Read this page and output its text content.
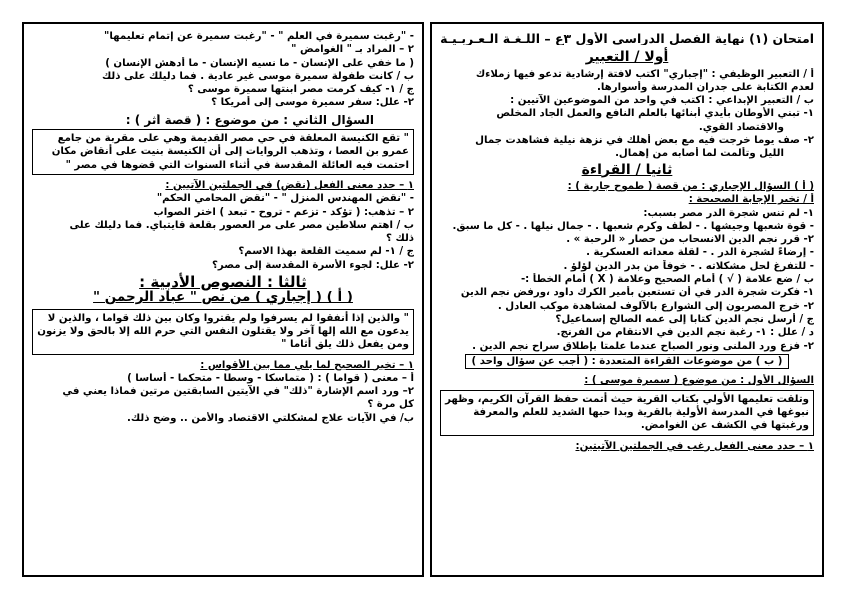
امتحان (١) نهاية الفصل الدراسي الأول ٣ع – اللـغـة الـعـربـيـة
أولا / التعبير
أ / التعبير الوظيفي : "إجباري" اكتب لافتة إرشادية تدعو فيها زملاءك
لعدم الكتابة على جدران المدرسة وأسوارها.
ب / التعبير الإبداعي : اكتب في واحد من الموضوعين الآتيين :
١- تبني الأوطان بأيدي أبنائها بالعلم النافع والعمل الجاد المخلص
والاقتصاد القوي.
٢- صف يوما خرجت فيه مع بعض أهلك في نزهة نيلية فشاهدت جمال
الليل وتألمت لما أصابه من إهمال.
ثانيا / القراءة
( أ ) السؤال الإجباري : من قصة ( طموح جارية ) :
أ / تخير الإجابة الصحيحة :
١- لم تنس شجرة الدر مصر بسبب:
- قوة شعبها وجيشها . - لطف وكرم شعبها . - جمال نيلها . - كل ما سبق.
٢- قرر نجم الدين الانسحاب من حصار « الرحبة » .
- إرضاءً لشجرة الدر . - لقلة معداته العسكرية .
- للتفرغ لحل مشكلاته . - خوفاً من بدر الدين لؤلؤ .
ب / ضع علامة ( √ ) أمام الصحيح وعلامة ( X ) أمام الخطأ :-
١- فكرت شجرة الدر في أن تستعين بأمير الكرك داود ،ورفض نجم الدين
٢- خرج المصريون إلى الشوارع بالآلوف لمشاهدة موكب العادل .
ج / أرسل نجم الدين كتابا إلى عمه الصالح إسماعيل؟
د / علل : ١- رغبة نجم الدين في الانتقام من الفرنج.
٢- فزع ورد الملنى ونور الصباح عندما علمتا بإطلاق سراح نجم الدين .
( ب ) من موضوعات القراءة المتعددة : ( أجب عن سؤال واحد )
السؤال الأول : من موضوع ( سميرة موسى ) :
وتلقت تعليمها الأولي بكتاب القرية حيث أتمت حفظ القرآن الكريم، وظهر نبوغها في المدرسة الأولية بالقرية وبدا حبها الشديد للعلم والمعرفة ورغبتها في الكشف عن الغوامض.
١ – حدد معنى الفعل رغب في الجملتين الآتيتين:
- "رغبت سميرة في العلم " - "رغبت سميرة عن إتمام تعليمها"
٢ – المراد بـ " الغوامض "
( ما خفي على الإنسان - ما نسيه الإنسان - ما أدهش الإنسان )
ب / كانت طفولة سميرة موسى غير عادية . فما دليلك على ذلك
ج / ١- كيف كرمت مصر ابنتها سميرة موسى ؟
٢- علل: سفر سميرة موسى إلى أمريكا ؟
السؤال الثاني : من موضوع : ( قصة أثر ) :
" تقع الكنيسة المعلقة في حي مصر القديمة وهي على مقربة من جامع عمرو بن العصا ، وتذهب الروايات إلى أن الكنيسة بنيت على أنقاض مكان احتمت فيه العائلة المقدسة في أثناء السنوات التي قضوها في مصر "
١ – حدد معنى الفعل (نقض) في الجملتين الآتيين :
- "نقض المهندس المنزل " - "نقض المحامي الحكم"
٢ – تذهب: ( تؤكد - تزعم - تروح - تبعد ) اختر الصواب
ب / اهتم سلاطين مصر على مر العصور بقلعة قايتباي. فما دليلك على
ذلك ؟
ج / ١- لم سميت القلعة بهذا الاسم؟
٢- علل: لجوء الأسرة المقدسة إلى مصر؟
ثالثا : النصوص الأدبية :
( أ ) ( إجباري ) من نص " عباد الرحمن "
" والذين إذا أنفقوا لم يسرفوا ولم يقتروا وكان بين ذلك قواما ، والذين لا يدعون مع الله إلها آخر ولا يقتلون النفس التي حرم الله إلا بالحق ولا يزنون ومن يفعل ذلك يلق أثاما "
١ – تخير الصحيح لما يلي مما بين الأقواس :
أ – معنى ( قواما ) : ( متماسكا - وسطا - متحكما - أساسا )
٢– ورد اسم الإشارة "ذلك" في الآيتين السابقتين مرتين فماذا يعني في
كل مرة ؟
ب/ في الآيات علاج لمشكلتي الاقتصاد والأمن .. وضح ذلك.
